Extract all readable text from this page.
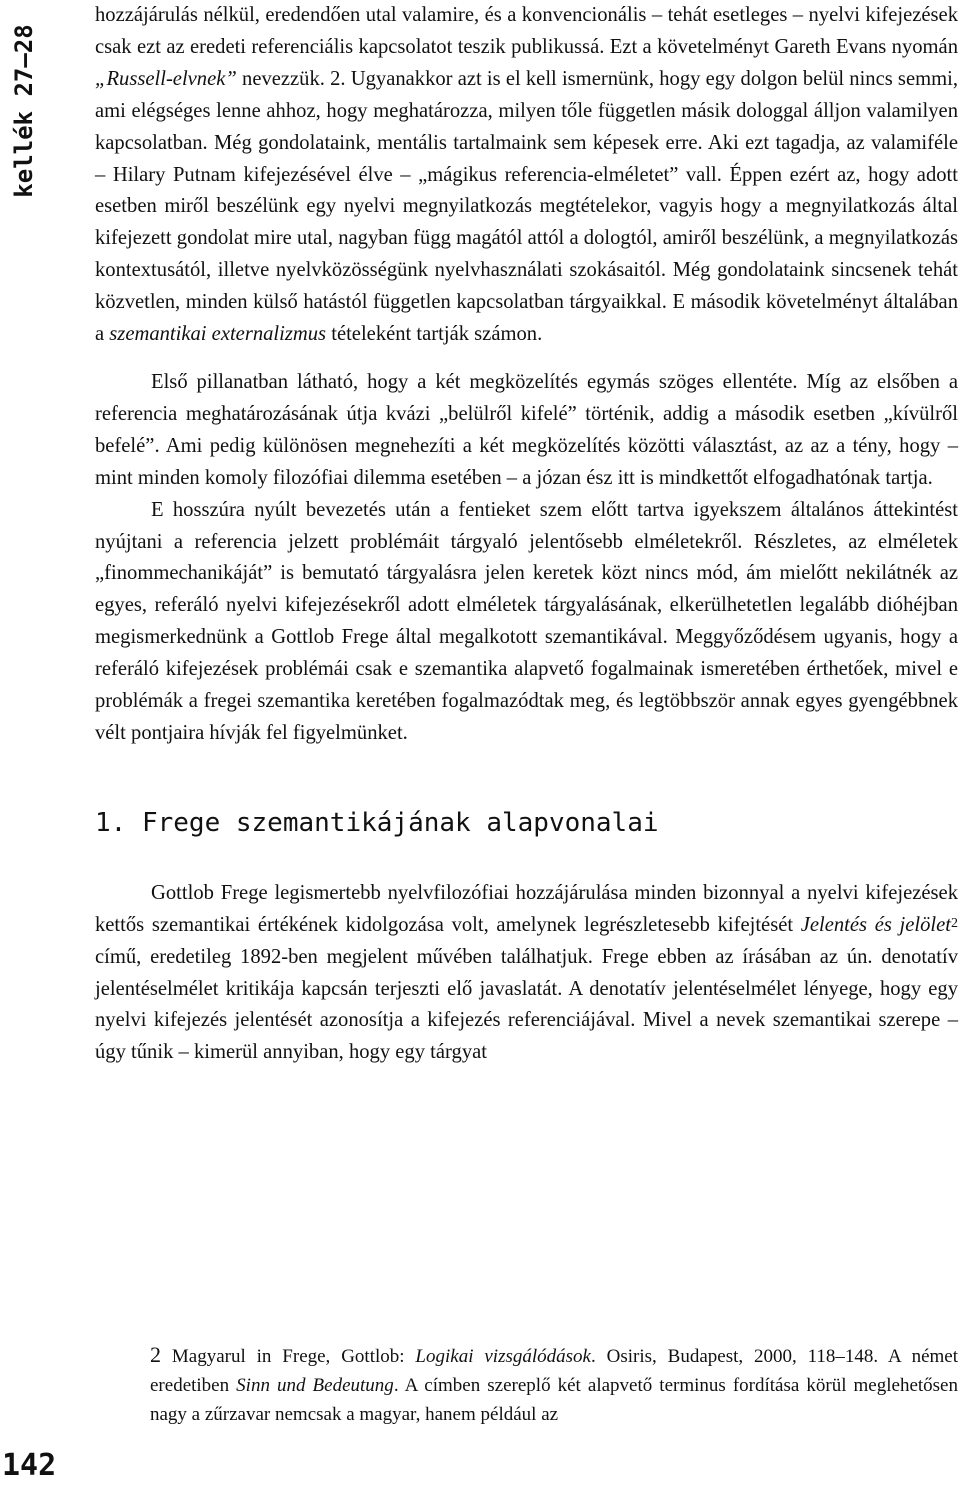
kellék 27–28

hozzájárulás nélkül, eredendően utal valamire, és a konvencionális – tehát esetleges – nyelvi kifejezések csak ezt az eredeti referenciális kapcsolatot teszik publikussá. Ezt a követelményt Gareth Evans nyomán „Russell-elvnek” nevezzük. 2. Ugyanakkor azt is el kell ismernünk, hogy egy dolgon belül nincs semmi, ami elégséges lenne ahhoz, hogy meghatározza, milyen tőle független másik dologgal álljon valamilyen kapcsolatban. Még gondolataink, mentális tartalmaink sem képesek erre. Aki ezt tagadja, az valamiféle – Hilary Putnam kifejezésével élve – „mágikus referencia-elméletet” vall. Éppen ezért az, hogy adott esetben miről beszélünk egy nyelvi megnyilatkozás megtételekor, vagyis hogy a megnyilatkozás által kifejezett gondolat mire utal, nagyban függ magától attól a dologtól, amiről beszélünk, a megnyilatkozás kontextusától, illetve nyelvközösségünk nyelvhasználati szokásaitól. Még gondolataink sincsenek tehát közvetlen, minden külső hatástól független kapcsolatban tárgyaikkal. E második követelményt általában a szemantikai externalizmus tételeként tartják számon.

Első pillanatban látható, hogy a két megközelítés egymás szöges ellentéte. Míg az elsőben a referencia meghatározásának útja kvázi „belülről kifelé” történik, addig a második esetben „kívülről befelé”. Ami pedig különösen megnehezíti a két megközelítés közötti választást, az az a tény, hogy – mint minden komoly filozófiai dilemma esetében – a józan ész itt is mindkettőt elfogadhatónak tartja.

E hosszúra nyúlt bevezetés után a fentieket szem előtt tartva igyekszem általános áttekintést nyújtani a referencia jelzett problémáit tárgyaló jelentősebb elméletekről. Részletes, az elméletek „finommechanikáját” is bemutató tárgyalásra jelen keretek közt nincs mód, ám mielőtt nekilátnék az egyes, referáló nyelvi kifejezésekről adott elméletek tárgyalásának, elkerülhetetlen legalább dióhéjban megismerkednünk a Gottlob Frege által megalkotott szemantikával. Meggyőződésem ugyanis, hogy a referáló kifejezések problémái csak e szemantika alapvető fogalmainak ismeretében érthetőek, mivel e problémák a fregei szemantika keretében fogalmazódtak meg, és legtöbbször annak egyes gyengébbnek vélt pontjaira hívják fel figyelmünket.

1. Frege szemantikájának alapvonalai

Gottlob Frege legismertebb nyelvfilozófiai hozzájárulása minden bizonnyal a nyelvi kifejezések kettős szemantikai értékének kidolgozása volt, amelynek legrészletesebb kifejtését Jelentés és jelölet$^2$ című, eredetileg 1892-ben megjelent művében találhatjuk. Frege ebben az írásában az ún. denotatív jelentéselmélet kritikája kapcsán terjeszti elő javaslatát. A denotatív jelentéselmélet lényege, hogy egy nyelvi kifejezés jelentését azonosítja a kifejezés referenciájával. Mivel a nevek szemantikai szerepe – úgy tűnik – kimerül annyiban, hogy egy tárgyat

2 Magyarul in Frege, Gottlob: Logikai vizsgálódások. Osiris, Budapest, 2000, 118–148. A német eredetiben Sinn und Bedeutung. A címben szereplő két alapvető terminus fordítása körül meglehetősen nagy a zűrzavar nemcsak a magyar, hanem például az

142
